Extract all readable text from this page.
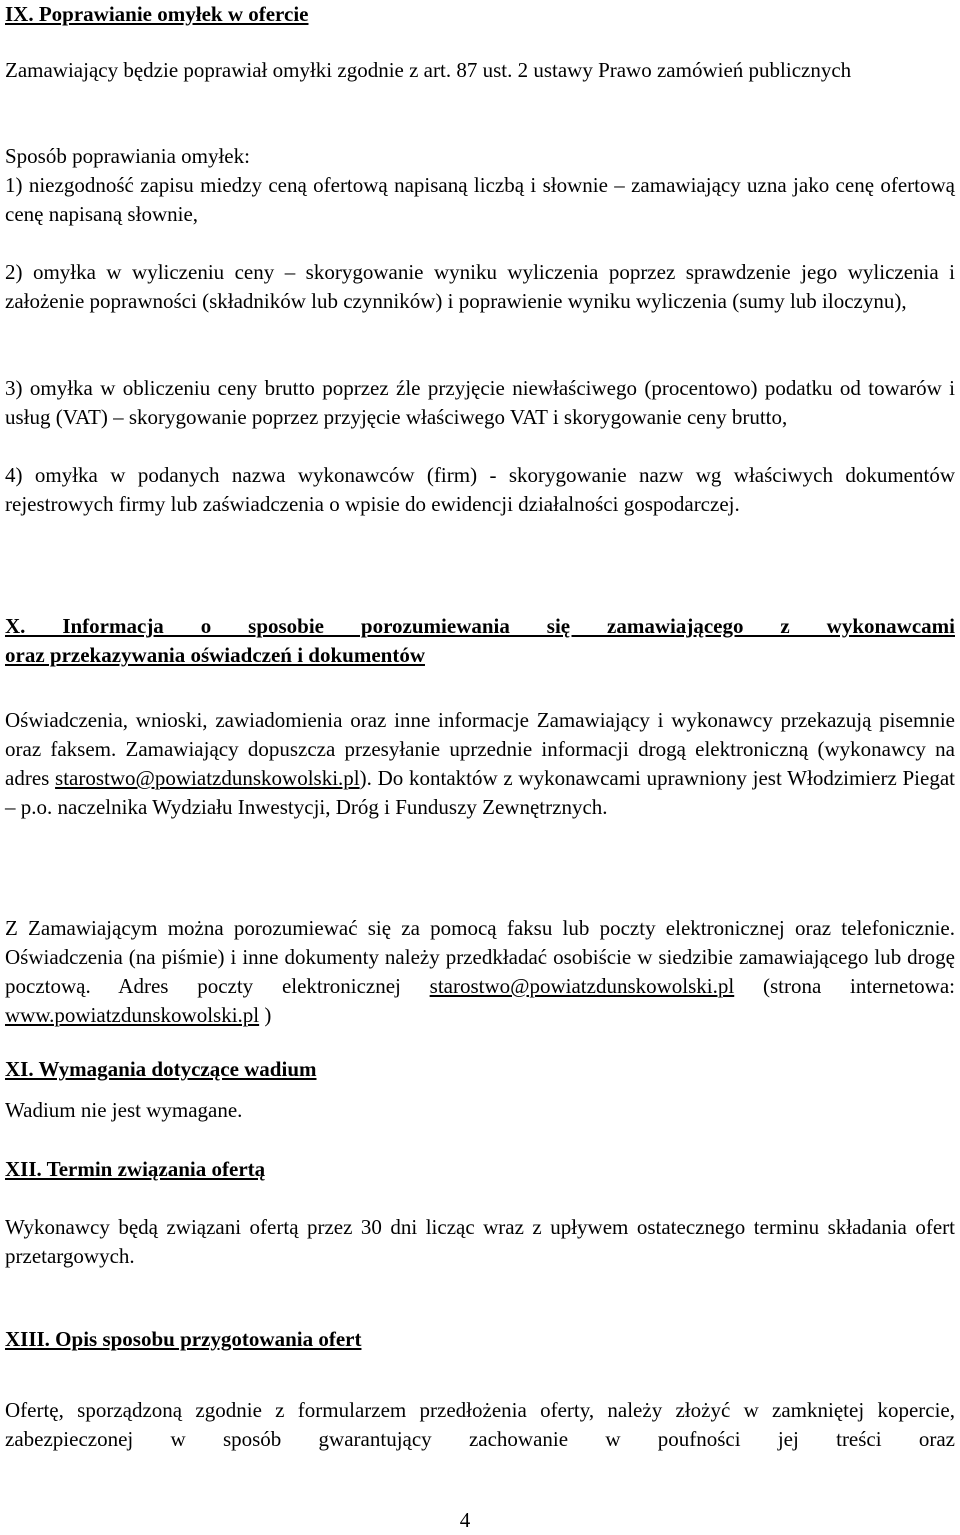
IX. Poprawianie omyłek w ofercie

Zamawiający będzie poprawiał omyłki zgodnie z art. 87 ust. 2 ustawy Prawo zamówień publicznych

Sposób poprawiania omyłek:

1) niezgodność zapisu miedzy ceną ofertową napisaną liczbą i słownie – zamawiający uzna jako cenę ofertową cenę napisaną słownie,

2) omyłka w wyliczeniu ceny – skorygowanie wyniku wyliczenia poprzez sprawdzenie jego wyliczenia i założenie poprawności (składników lub czynników) i poprawienie wyniku wyliczenia (sumy lub iloczynu),

3) omyłka w obliczeniu ceny brutto poprzez źle przyjęcie niewłaściwego (procentowo) podatku od towarów i usług (VAT) – skorygowanie poprzez przyjęcie właściwego VAT i skorygowanie ceny brutto,

4) omyłka w podanych nazwa wykonawców (firm) - skorygowanie nazw wg właściwych dokumentów rejestrowych firmy lub zaświadczenia o wpisie do ewidencji działalności gospodarczej.

X. Informacja o sposobie porozumiewania się zamawiającego z wykonawcami
oraz przekazywania oświadczeń i dokumentów

Oświadczenia, wnioski, zawiadomienia oraz inne informacje Zamawiający i wykonawcy przekazują pisemnie oraz faksem. Zamawiający dopuszcza przesyłanie uprzednie informacji drogą elektroniczną (wykonawcy na adres starostwo@powiatzdunskowolski.pl). Do kontaktów z wykonawcami uprawniony jest Włodzimierz Piegat – p.o. naczelnika Wydziału Inwestycji, Dróg i Funduszy Zewnętrznych.

Z Zamawiającym można porozumiewać się za pomocą faksu lub poczty elektronicznej oraz telefonicznie. Oświadczenia (na piśmie) i inne dokumenty należy przedkładać osobiście w siedzibie zamawiającego lub drogę pocztową. Adres poczty elektronicznej starostwo@powiatzdunskowolski.pl (strona internetowa: www.powiatzdunskowolski.pl )

XI. Wymagania dotyczące wadium

Wadium nie jest wymagane.

XII. Termin związania ofertą

Wykonawcy będą związani ofertą przez 30 dni licząc wraz z upływem ostatecznego terminu składania ofert przetargowych.

XIII. Opis sposobu przygotowania ofert

Ofertę, sporządzoną zgodnie z formularzem przedłożenia oferty, należy złożyć w zamkniętej kopercie, zabezpieczonej w sposób gwarantujący zachowanie w poufności jej treści oraz

4
